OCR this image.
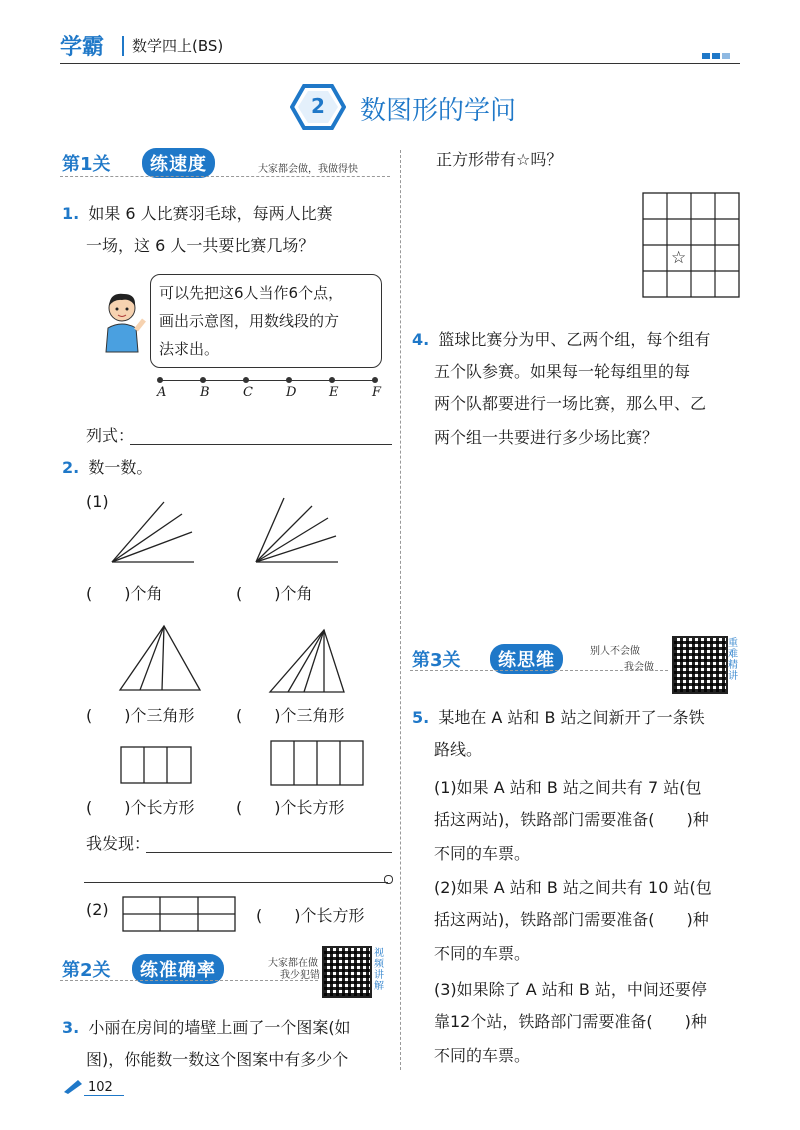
学霸 数学四上(BS)
2	数图形的学问
第1关	练速度	大家都会做，我做得快
1. 如果 6 人比赛羽毛球，每两人比赛
一场，这 6 人一共要比赛几场？
可以先把这6人当作6个点，
画出示意图，用数线段的方
法求出。
A	B	C	D	E	F
列式：
2. 数一数。
(1)
(　　)个角	(　　)个角
(　　)个三角形	(　　)个三角形
(　　)个长方形	(　　)个长方形
我发现：
(2)	(　　)个长方形
第2关	练准确率	大家都在做
我少犯错
视频讲解
3. 小丽在房间的墙壁上画了一个图案(如
图)，你能数一数这个图案中有多少个
102
正方形带有☆吗？
☆
4. 篮球比赛分为甲、乙两个组，每个组有
五个队参赛。如果每一轮每组里的每
两个队都要进行一场比赛，那么甲、乙
两个组一共要进行多少场比赛？
第3关	练思维	别人不会做
我会做
重难精讲
5. 某地在 A 站和 B 站之间新开了一条铁
路线。
(1)如果 A 站和 B 站之间共有 7 站(包
括这两站)，铁路部门需要准备(　　)种
不同的车票。
(2)如果 A 站和 B 站之间共有 10 站(包
括这两站)，铁路部门需要准备(　　)种
不同的车票。
(3)如果除了 A 站和 B 站，中间还要停
靠12个站，铁路部门需要准备(　　)种
不同的车票。
